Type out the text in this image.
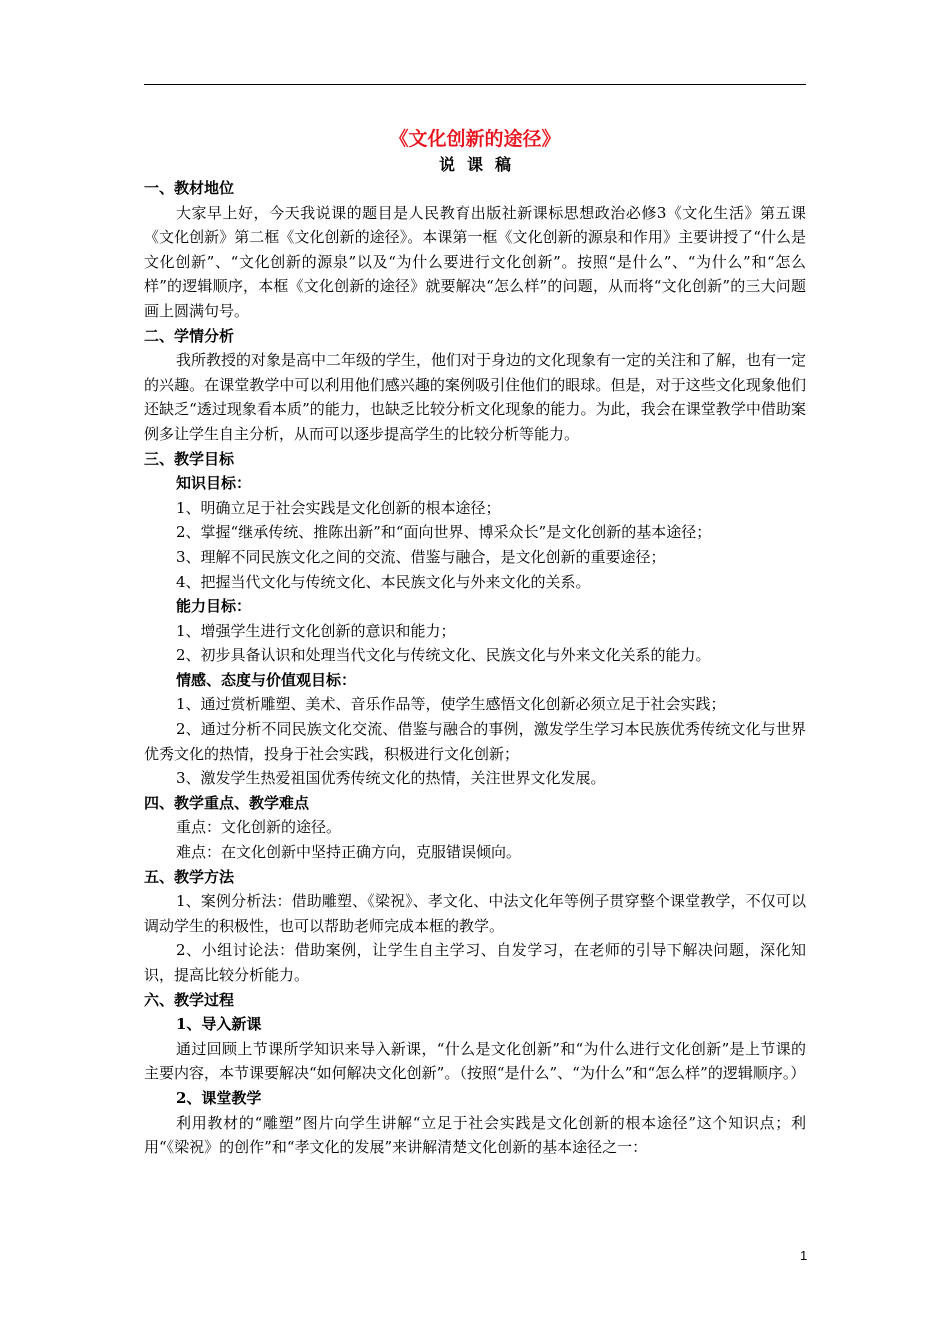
《文化创新的途径》
说课稿
一、教材地位
大家早上好，今天我说课的题目是人民教育出版社新课标思想政治必修3《文化生活》第五课《文化创新》第二框《文化创新的途径》。本课第一框《文化创新的源泉和作用》主要讲授了“什么是文化创新”、“文化创新的源泉”以及“为什么要进行文化创新”。按照“是什么”、“为什么”和“怎么样”的逻辑顺序，本框《文化创新的途径》就要解决“怎么样”的问题，从而将“文化创新”的三大问题画上圆满句号。
二、学情分析
我所教授的对象是高中二年级的学生，他们对于身边的文化现象有一定的关注和了解，也有一定的兴趣。在课堂教学中可以利用他们感兴趣的案例吸引住他们的眼球。但是，对于这些文化现象他们还缺乏“透过现象看本质”的能力，也缺乏比较分析文化现象的能力。为此，我会在课堂教学中借助案例多让学生自主分析，从而可以逐步提高学生的比较分析等能力。
三、教学目标
知识目标：
1、明确立足于社会实践是文化创新的根本途径；
2、掌握“继承传统、推陈出新”和“面向世界、博采众长”是文化创新的基本途径；
3、理解不同民族文化之间的交流、借鉴与融合，是文化创新的重要途径；
4、把握当代文化与传统文化、本民族文化与外来文化的关系。
能力目标：
1、增强学生进行文化创新的意识和能力；
2、初步具备认识和处理当代文化与传统文化、民族文化与外来文化关系的能力。
情感、态度与价值观目标：
1、通过赏析雕塑、美术、音乐作品等，使学生感悟文化创新必须立足于社会实践；
2、通过分析不同民族文化交流、借鉴与融合的事例，激发学生学习本民族优秀传统文化与世界优秀文化的热情，投身于社会实践，积极进行文化创新；
3、激发学生热爱祖国优秀传统文化的热情，关注世界文化发展。
四、教学重点、教学难点
重点：文化创新的途径。
难点：在文化创新中坚持正确方向，克服错误倾向。
五、教学方法
1、案例分析法：借助雕塑、《梁祝》、孝文化、中法文化年等例子贯穿整个课堂教学，不仅可以调动学生的积极性，也可以帮助老师完成本框的教学。
2、小组讨论法：借助案例，让学生自主学习、自发学习，在老师的引导下解决问题，深化知识，提高比较分析能力。
六、教学过程
1、导入新课
通过回顾上节课所学知识来导入新课，“什么是文化创新”和“为什么进行文化创新”是上节课的主要内容，本节课要解决“如何解决文化创新”。（按照“是什么”、“为什么”和“怎么样”的逻辑顺序。）
2、课堂教学
利用教材的“雕塑”图片向学生讲解“立足于社会实践是文化创新的根本途径”这个知识点；利用“《梁祝》的创作”和“孝文化的发展”来讲解清楚文化创新的基本途径之一：
1
